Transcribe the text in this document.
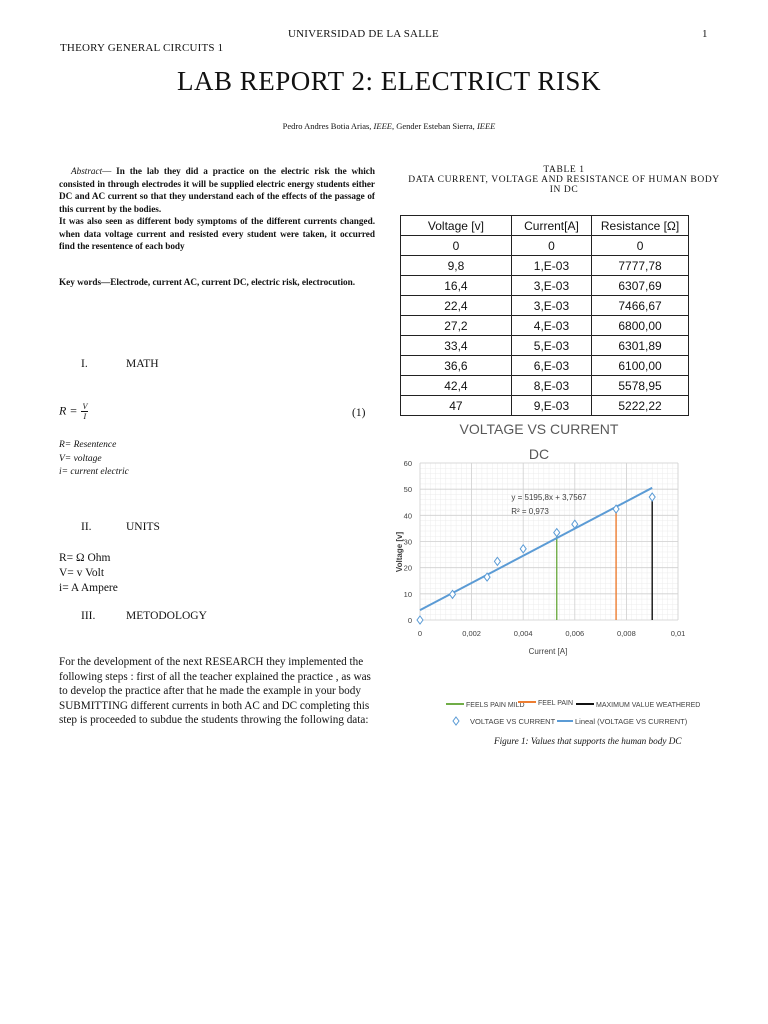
UNIVERSIDAD DE LA SALLE	1
THEORY GENERAL CIRCUITS 1
LAB REPORT 2: ELECTRICT RISK
Pedro Andres Botia Arias, IEEE, Gender Esteban Sierra, IEEE
Abstract— In the lab they did a practice on the electric risk the which consisted in through electrodes it will be supplied electric energy students either DC and AC current so that they understand each of the effects of the passage of this current by the bodies.
It was also seen as different body symptoms of the different currents changed. when data voltage current and resisted every student were taken, it occurred find the resentence of each body
Key words—Electrode, current AC, current DC, electric risk, electrocution.
I.	MATH
$R = \frac{V}{I}$	(1)
R= Resentence
V= voltage
i= current electric
II.	UNITS
R= Ω Ohm
V= v Volt
i= A Ampere
III.	METODOLOGY
For the development of the next RESEARCH they implemented the following steps : first of all the teacher explained the practice , as was to develop the practice after that he made the example in your body SUBMITTING different currents in both AC and DC completing this step is proceeded to subdue the students throwing the following data:
TABLE 1
DATA CURRENT, VOLTAGE AND RESISTANCE OF HUMAN BODY
IN DC
Voltage [v]	Current[A]	Resistance [Ω]
0	0	0
9,8	1,E-03	7777,78
16,4	3,E-03	6307,69
22,4	3,E-03	7466,67
27,2	4,E-03	6800,00
33,4	5,E-03	6301,89
36,6	6,E-03	6100,00
42,4	8,E-03	5578,95
47	9,E-03	5222,22
VOLTAGE VS CURRENT
DC
0	0,002	0,004	0,006	0,008	0,01
0
10
20
30
40
50
60
y = 5195,8x + 3,7567
R² = 0,973
Voltage [v]
Current [A]
FEELS PAIN MILD FEEL PAIN	MAXIMUM VALUE WEATHERED
VOLTAGE VS CURRENT	Lineal (VOLTAGE VS CURRENT)
Figure 1: Values that supports the human body DC
